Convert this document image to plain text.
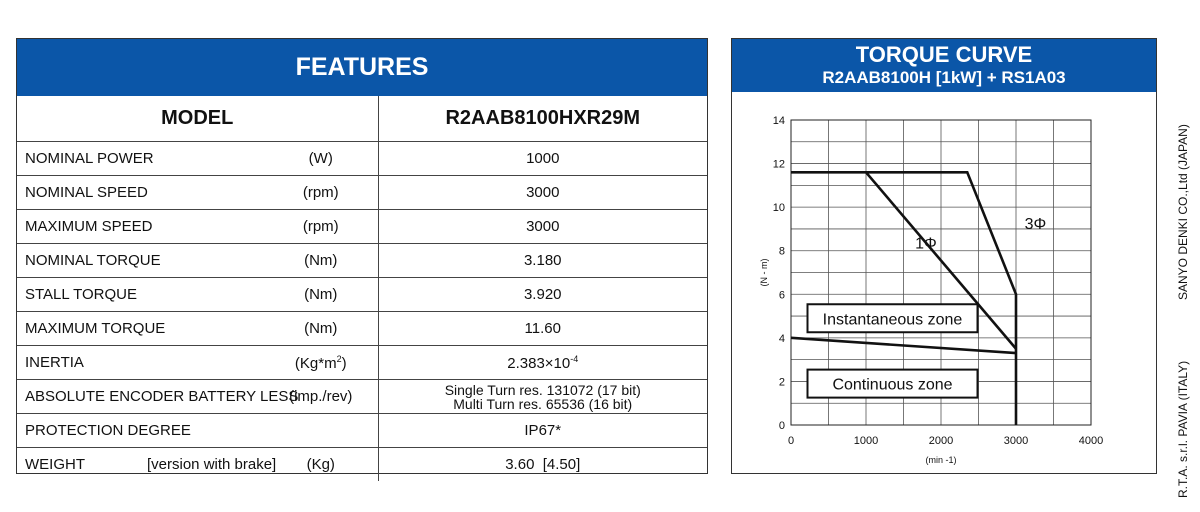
FEATURES
MODEL		R2AAB8100HXR29M
NOMINAL POWER	(W)	1000
NOMINAL SPEED	(rpm)	3000
MAXIMUM SPEED	(rpm)	3000
NOMINAL TORQUE	(Nm)	3.180
STALL TORQUE	(Nm)	3.920
MAXIMUM TORQUE	(Nm)	11.60
INERTIA	$(Kg*m^2)$	$2.383\times 10^{-4}$
ABSOLUTE ENCODER BATTERY LESS	(imp./rev)	Single Turn res. 131072 (17 bit)
Multi Turn res. 65536 (16 bit)

PROTECTION DEGREE		IP67*
WEIGHT [version with brake]	(Kg)	3.60  [4.50]
TORQUE CURVE
R2AAB8100H [1kW] + RS1A03
0	1000	2000	3000	4000
0
2
4
6
8
10
12
14
(min -1)
(N - m)
Instantaneous zone
Continuous zone
3Φ
1Φ	SANYO DENKI CO.,Ltd (JAPAN)
R.T.A. s.r.l. PAVIA (ITALY)
